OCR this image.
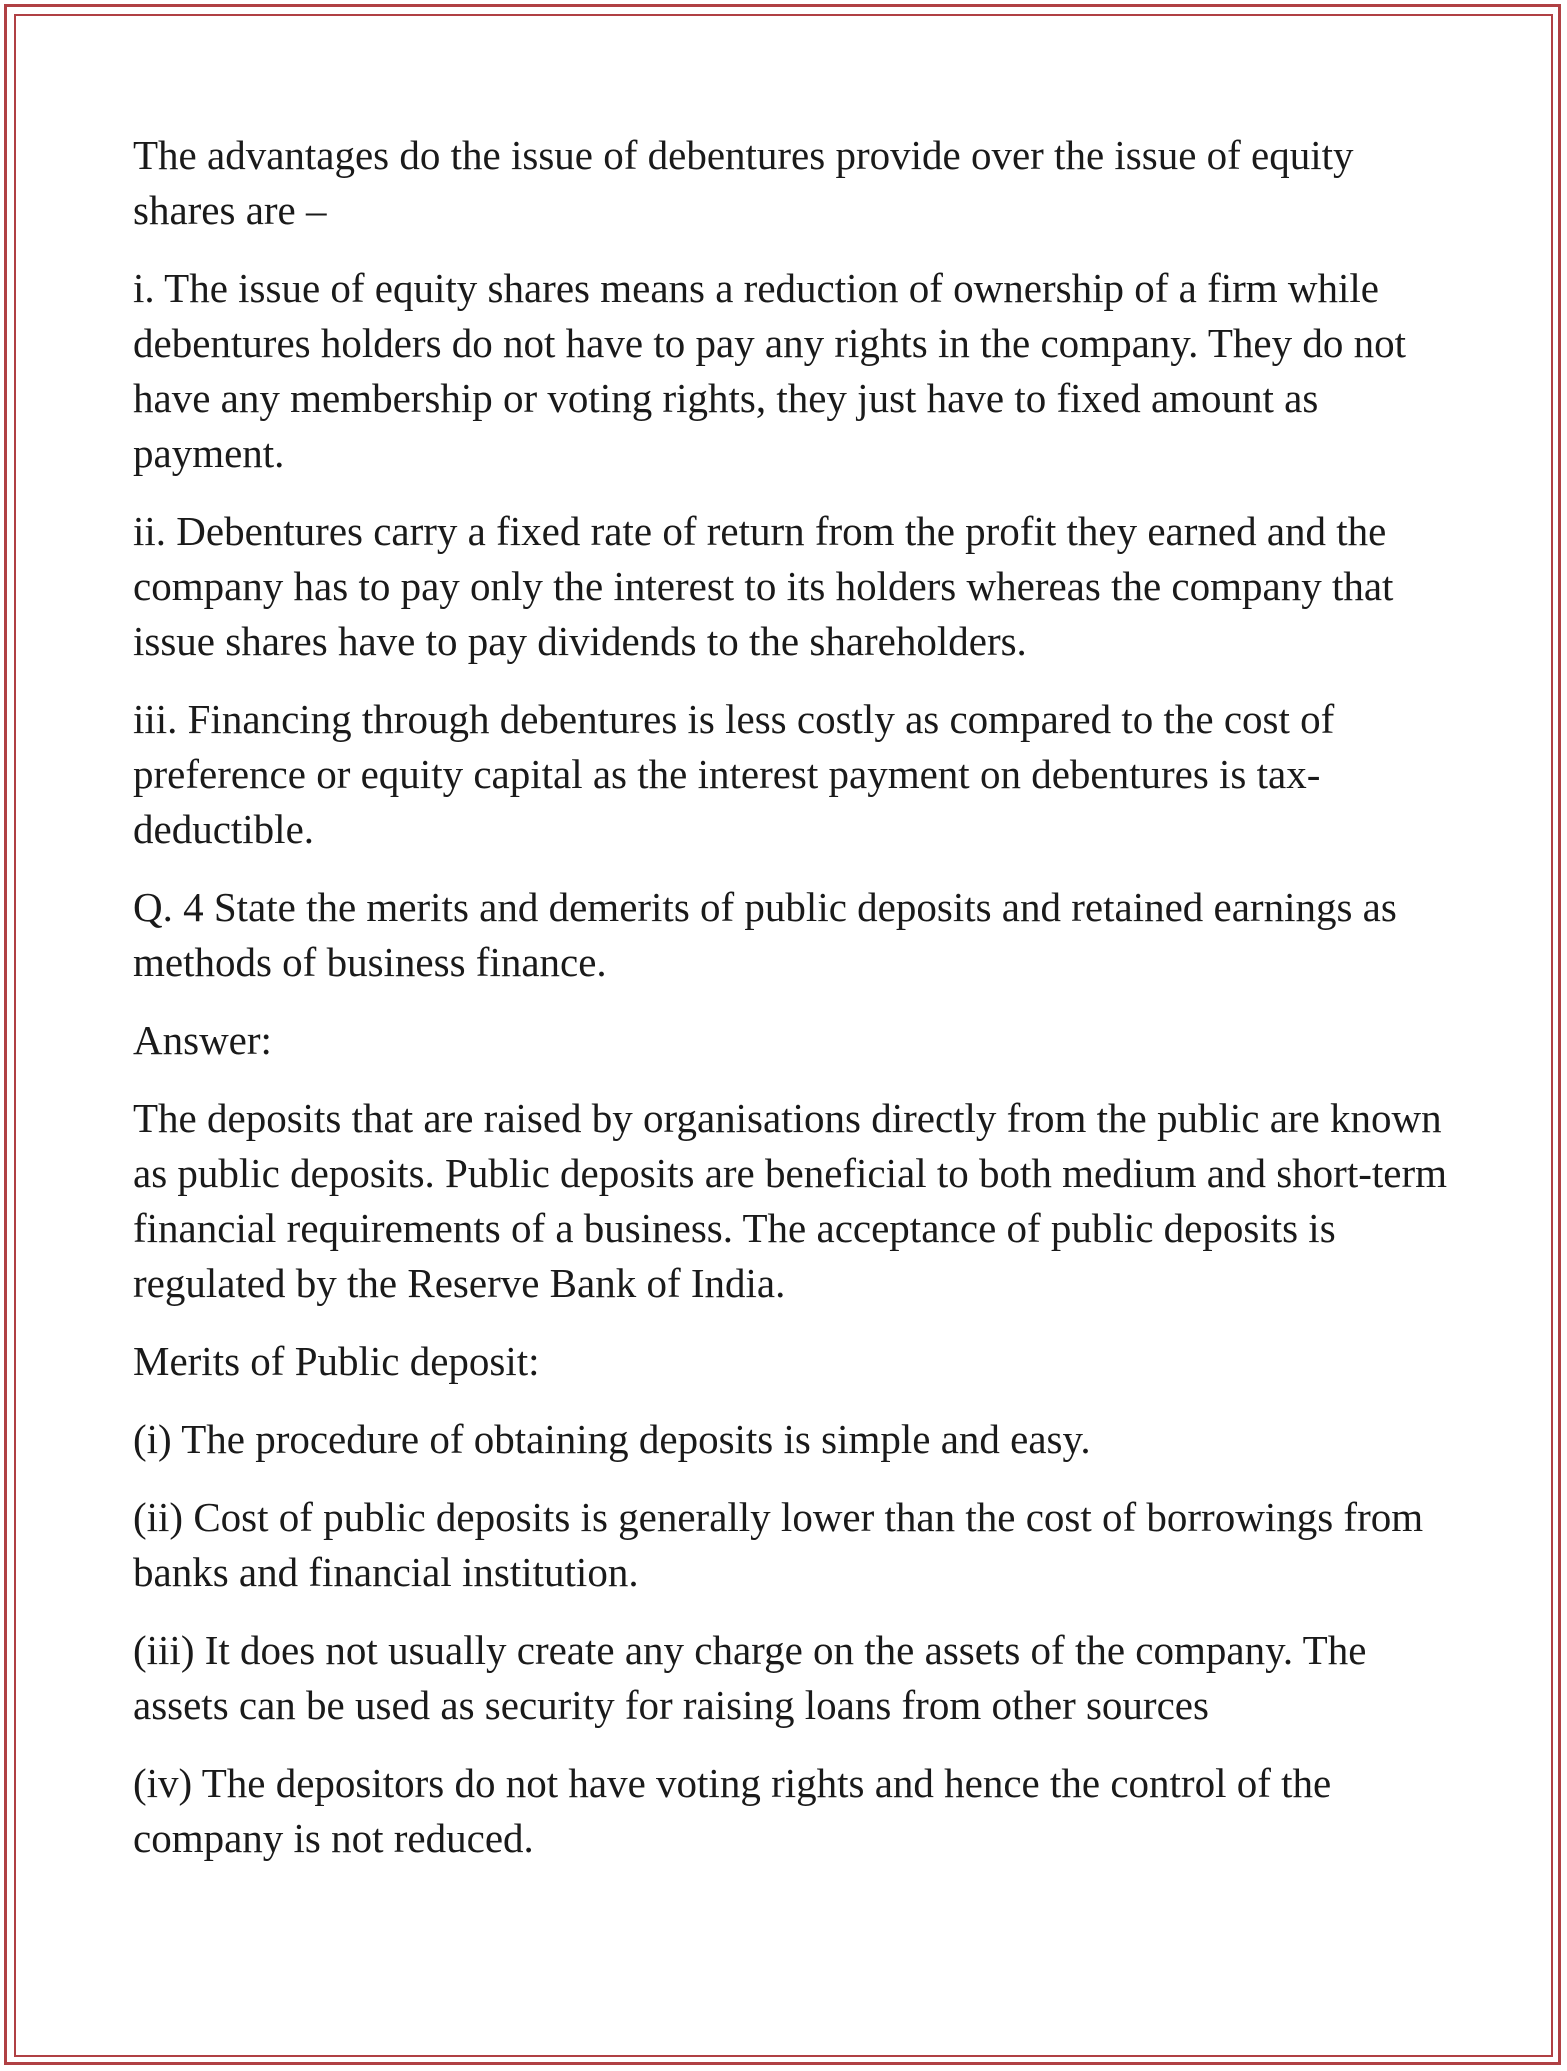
The advantages do the issue of debentures provide over the issue of equity shares are –

i. The issue of equity shares means a reduction of ownership of a firm while debentures holders do not have to pay any rights in the company. They do not have any membership or voting rights, they just have to fixed amount as payment.

ii. Debentures carry a fixed rate of return from the profit they earned and the company has to pay only the interest to its holders whereas the company that issue shares have to pay dividends to the shareholders.

iii. Financing through debentures is less costly as compared to the cost of preference or equity capital as the interest payment on debentures is tax-deductible.

Q. 4 State the merits and demerits of public deposits and retained earnings as methods of business finance.

Answer:

The deposits that are raised by organisations directly from the public are known as public deposits. Public deposits are beneficial to both medium and short-term financial requirements of a business. The acceptance of public deposits is regulated by the Reserve Bank of India.

Merits of Public deposit:

(i) The procedure of obtaining deposits is simple and easy.

(ii) Cost of public deposits is generally lower than the cost of borrowings from banks and financial institution.

(iii) It does not usually create any charge on the assets of the company. The assets can be used as security for raising loans from other sources

(iv) The depositors do not have voting rights and hence the control of the company is not reduced.
